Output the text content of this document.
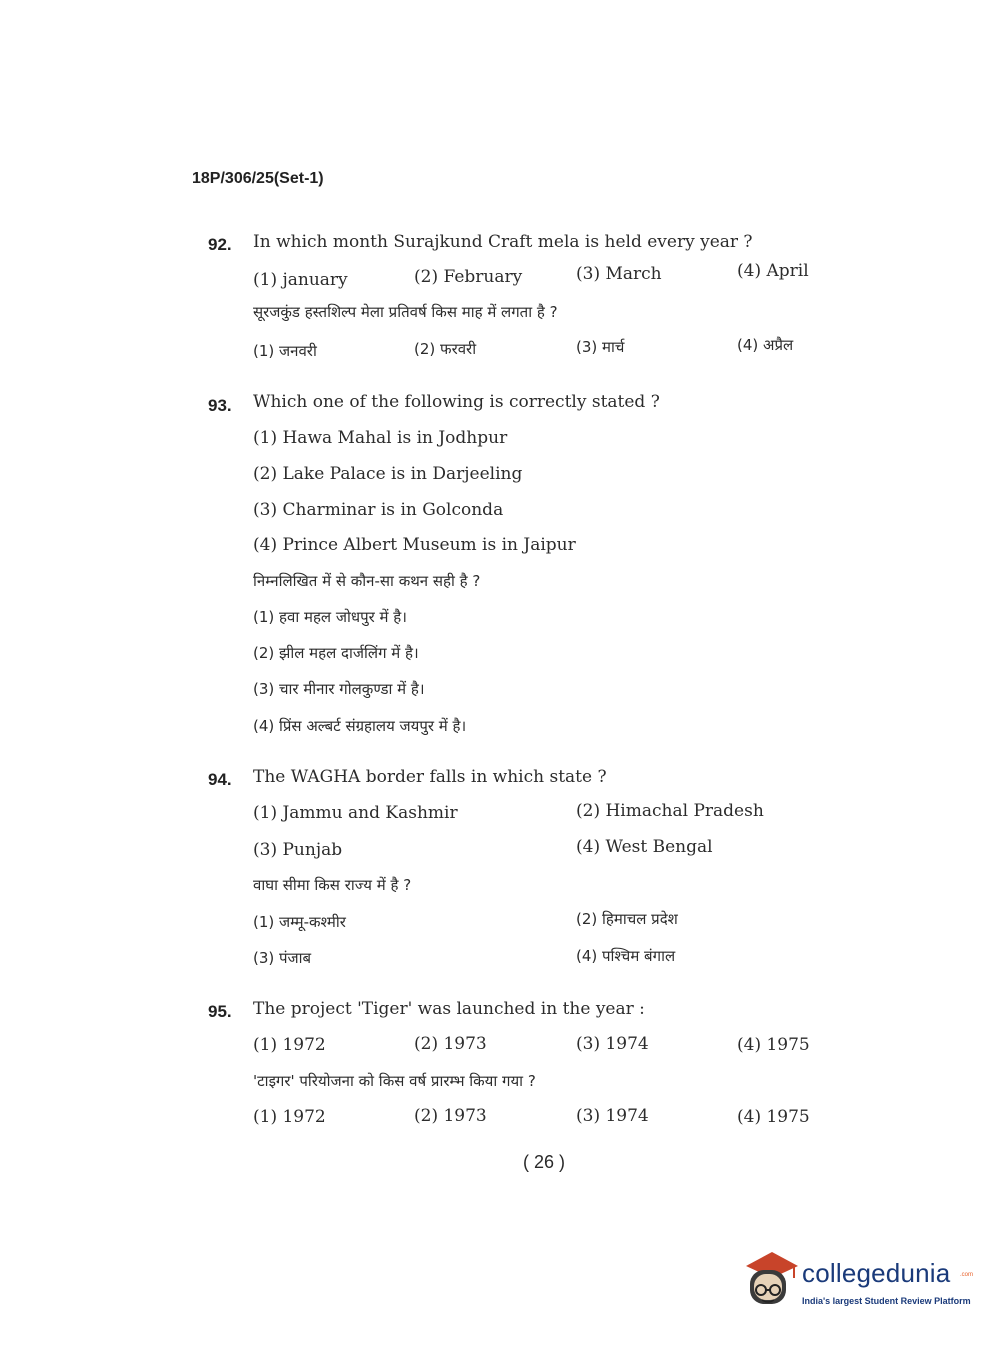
18P/306/25(Set-1)
92. In which month Surajkund Craft mela is held every year ?
(1) january	(2) February	(3) March	(4) April
सूरजकुंड हस्तशिल्प मेला प्रतिवर्ष किस माह में लगता है ?
(1) जनवरी	(2) फरवरी	(3) मार्च	(4) अप्रैल
93. Which one of the following is correctly stated ?
(1) Hawa Mahal is in Jodhpur
(2) Lake Palace is in Darjeeling
(3) Charminar is in Golconda
(4) Prince Albert Museum is in Jaipur
निम्नलिखित में से कौन-सा कथन सही है ?
(1) हवा महल जोधपुर में है।
(2) झील महल दार्जलिंग में है।
(3) चार मीनार गोलकुण्डा में है।
(4) प्रिंस अल्बर्ट संग्रहालय जयपुर में है।
94. The WAGHA border falls in which state ?
(1) Jammu and Kashmir	(2) Himachal Pradesh
(3) Punjab	(4) West Bengal
वाघा सीमा किस राज्य में है ?
(1) जम्मू-कश्मीर	(2) हिमाचल प्रदेश
(3) पंजाब	(4) पश्चिम बंगाल
95. The project 'Tiger' was launched in the year :
(1) 1972	(2) 1973	(3) 1974	(4) 1975
'टाइगर' परियोजना को किस वर्ष प्रारम्भ किया गया ?
(1) 1972	(2) 1973	(3) 1974	(4) 1975
( 26 )
collegedunia .com
India's largest Student Review Platform
